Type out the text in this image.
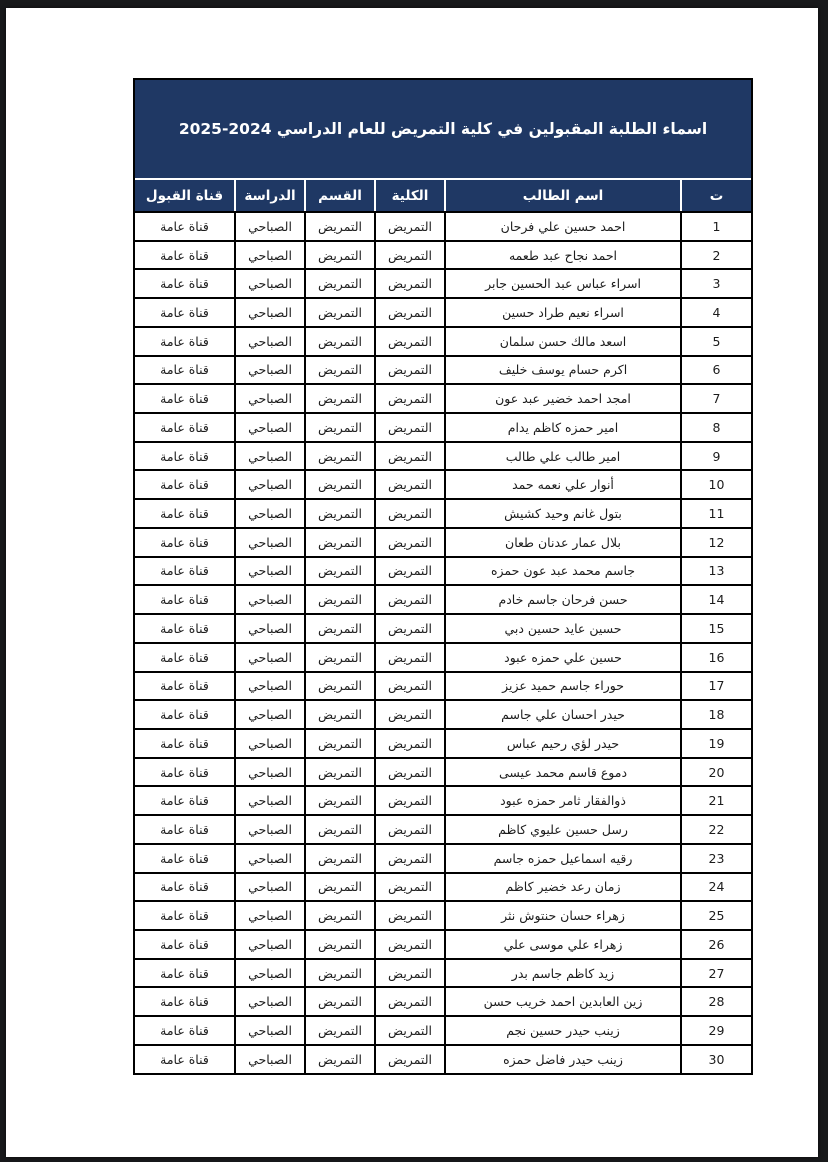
اسماء الطلبة المقبولين في كلية التمريض للعام الدراسي 2024-2025
ت
اسم الطالب
الكلية
القسم
الدراسة
قناة القبول
1
احمد حسين علي فرحان
التمريض
التمريض
الصباحي
قناة عامة
2
احمد نجاح عبد طعمه
التمريض
التمريض
الصباحي
قناة عامة
3
اسراء عباس عبد الحسين جابر
التمريض
التمريض
الصباحي
قناة عامة
4
اسراء نعيم طراد حسين
التمريض
التمريض
الصباحي
قناة عامة
5
اسعد مالك حسن سلمان
التمريض
التمريض
الصباحي
قناة عامة
6
اكرم حسام يوسف خليف
التمريض
التمريض
الصباحي
قناة عامة
7
امجد احمد خضير عبد عون
التمريض
التمريض
الصباحي
قناة عامة
8
امير حمزه كاظم يدام
التمريض
التمريض
الصباحي
قناة عامة
9
امير طالب علي طالب
التمريض
التمريض
الصباحي
قناة عامة
10
أنوار علي نعمه حمد
التمريض
التمريض
الصباحي
قناة عامة
11
بتول غانم وحيد كشيش
التمريض
التمريض
الصباحي
قناة عامة
12
بلال عمار عدنان طعان
التمريض
التمريض
الصباحي
قناة عامة
13
جاسم محمد عبد عون حمزه
التمريض
التمريض
الصباحي
قناة عامة
14
حسن فرحان جاسم خادم
التمريض
التمريض
الصباحي
قناة عامة
15
حسين عايد حسين دبي
التمريض
التمريض
الصباحي
قناة عامة
16
حسين علي حمزه عبود
التمريض
التمريض
الصباحي
قناة عامة
17
حوراء جاسم حميد عزيز
التمريض
التمريض
الصباحي
قناة عامة
18
حيدر احسان علي جاسم
التمريض
التمريض
الصباحي
قناة عامة
19
حيدر لؤي رحيم عباس
التمريض
التمريض
الصباحي
قناة عامة
20
دموع قاسم محمد عيسى
التمريض
التمريض
الصباحي
قناة عامة
21
ذوالفقار ثامر حمزه عبود
التمريض
التمريض
الصباحي
قناة عامة
22
رسل حسين عليوي كاظم
التمريض
التمريض
الصباحي
قناة عامة
23
رقيه اسماعيل حمزه جاسم
التمريض
التمريض
الصباحي
قناة عامة
24
زمان رعد خضير كاظم
التمريض
التمريض
الصباحي
قناة عامة
25
زهراء حسان حنتوش نثر
التمريض
التمريض
الصباحي
قناة عامة
26
زهراء علي موسى علي
التمريض
التمريض
الصباحي
قناة عامة
27
زيد كاظم جاسم بدر
التمريض
التمريض
الصباحي
قناة عامة
28
زين العابدين احمد خريب حسن
التمريض
التمريض
الصباحي
قناة عامة
29
زينب حيدر حسين نجم
التمريض
التمريض
الصباحي
قناة عامة
30
زينب حيدر فاضل حمزه
التمريض
التمريض
الصباحي
قناة عامة
